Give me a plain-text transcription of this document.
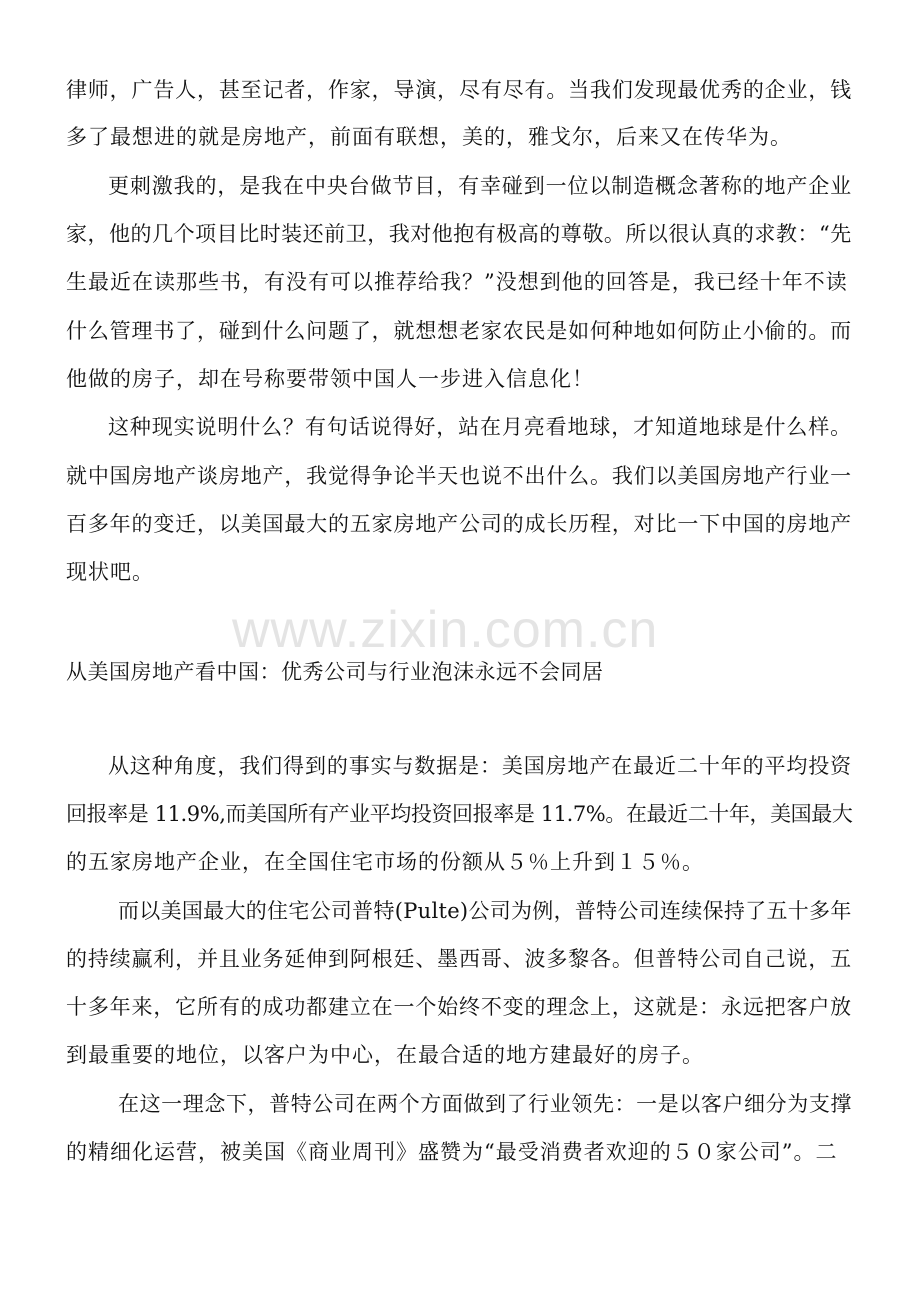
www.zixin.com.cn
律师，广告人，甚至记者，作家，导演，尽有尽有。当我们发现最优秀的企业，钱
多了最想进的就是房地产，前面有联想，美的，雅戈尔，后来又在传华为。
更刺激我的，是我在中央台做节目，有幸碰到一位以制造概念著称的地产企业
家，他的几个项目比时装还前卫，我对他抱有极高的尊敬。所以很认真的求教：“先
生最近在读那些书，有没有可以推荐给我？”没想到他的回答是，我已经十年不读
什么管理书了，碰到什么问题了，就想想老家农民是如何种地如何防止小偷的。而
他做的房子，却在号称要带领中国人一步进入信息化！
这种现实说明什么？有句话说得好，站在月亮看地球，才知道地球是什么样。
就中国房地产谈房地产，我觉得争论半天也说不出什么。我们以美国房地产行业一
百多年的变迁，以美国最大的五家房地产公司的成长历程，对比一下中国的房地产
现状吧。
从美国房地产看中国：优秀公司与行业泡沫永远不会同居
从这种角度，我们得到的事实与数据是：美国房地产在最近二十年的平均投资
回报率是 11.9%,而美国所有产业平均投资回报率是 11.7%。在最近二十年，美国最大
的五家房地产企业，在全国住宅市场的份额从５％上升到１５％。
而以美国最大的住宅公司普特(Pulte)公司为例，普特公司连续保持了五十多年
的持续赢利，并且业务延伸到阿根廷、墨西哥、波多黎各。但普特公司自己说，五
十多年来，它所有的成功都建立在一个始终不变的理念上，这就是：永远把客户放
到最重要的地位，以客户为中心，在最合适的地方建最好的房子。
在这一理念下，普特公司在两个方面做到了行业领先：一是以客户细分为支撑
的精细化运营，被美国《商业周刊》盛赞为“最受消费者欢迎的５０家公司”。二
